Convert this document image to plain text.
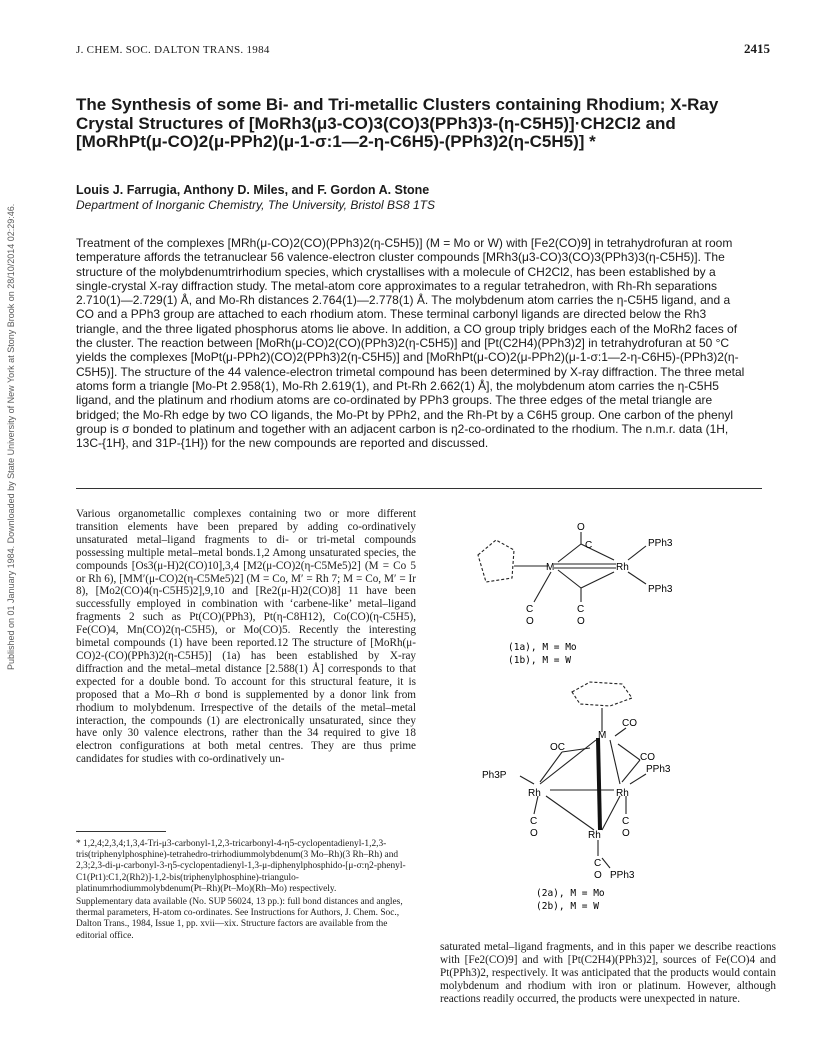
Published on 01 January 1984. Downloaded by State University of New York at Stony Brook on 28/10/2014 02:29:46.
J. CHEM. SOC. DALTON TRANS. 1984	2415
The Synthesis of some Bi- and Tri-metallic Clusters containing Rhodium; X-Ray Crystal Structures of [MoRh3(μ3-CO)3(CO)3(PPh3)3-(η-C5H5)]·CH2Cl2 and [MoRhPt(μ-CO)2(μ-PPh2)(μ-1-σ:1—2-η-C6H5)-(PPh3)2(η-C5H5)] *
Louis J. Farrugia, Anthony D. Miles, and F. Gordon A. Stone
Department of Inorganic Chemistry, The University, Bristol BS8 1TS
Treatment of the complexes [MRh(μ-CO)2(CO)(PPh3)2(η-C5H5)] (M = Mo or W) with [Fe2(CO)9] in tetrahydrofuran at room temperature affords the tetranuclear 56 valence-electron cluster compounds [MRh3(μ3-CO)3(CO)3(PPh3)3(η-C5H5)]. The structure of the molybdenumtrirhodium species, which crystallises with a molecule of CH2Cl2, has been established by a single-crystal X-ray diffraction study. The metal-atom core approximates to a regular tetrahedron, with Rh-Rh separations 2.710(1)—2.729(1) Å, and Mo-Rh distances 2.764(1)—2.778(1) Å. The molybdenum atom carries the η-C5H5 ligand, and a CO and a PPh3 group are attached to each rhodium atom. These terminal carbonyl ligands are directed below the Rh3 triangle, and the three ligated phosphorus atoms lie above. In addition, a CO group triply bridges each of the MoRh2 faces of the cluster. The reaction between [MoRh(μ-CO)2(CO)(PPh3)2(η-C5H5)] and [Pt(C2H4)(PPh3)2] in tetrahydrofuran at 50 °C yields the complexes [MoPt(μ-PPh2)(CO)2(PPh3)2(η-C5H5)] and [MoRhPt(μ-CO)2(μ-PPh2)(μ-1-σ:1—2-η-C6H5)-(PPh3)2(η-C5H5)]. The structure of the 44 valence-electron trimetal compound has been determined by X-ray diffraction. The three metal atoms form a triangle [Mo-Pt 2.958(1), Mo-Rh 2.619(1), and Pt-Rh 2.662(1) Å], the molybdenum atom carries the η-C5H5 ligand, and the platinum and rhodium atoms are co-ordinated by PPh3 groups. The three edges of the metal triangle are bridged; the Mo-Rh edge by two CO ligands, the Mo-Pt by PPh2, and the Rh-Pt by a C6H5 group. One carbon of the phenyl group is σ bonded to platinum and together with an adjacent carbon is η2-co-ordinated to the rhodium. The n.m.r. data (1H, 13C-{1H}, and 31P-{1H}) for the new compounds are reported and discussed.

Various organometallic complexes containing two or more different transition elements have been prepared by adding co-ordinatively unsaturated metal–ligand fragments to di- or tri-metal compounds possessing multiple metal–metal bonds.1,2 Among unsaturated species, the compounds [Os3(μ-H)2(CO)10],3,4 [M2(μ-CO)2(η-C5Me5)2] (M = Co 5 or Rh 6), [MM′(μ-CO)2(η-C5Me5)2] (M = Co, M′ = Rh 7; M = Co, M′ = Ir 8), [Mo2(CO)4(η-C5H5)2],9,10 and [Re2(μ-H)2(CO)8] 11 have been successfully employed in combination with ‘carbene-like’ metal–ligand fragments 2 such as Pt(CO)(PPh3), Pt(η-C8H12), Co(CO)(η-C5H5), Fe(CO)4, Mn(CO)2(η-C5H5), or Mo(CO)5. Recently the interesting bimetal compounds (1) have been reported.12 The structure of [MoRh(μ-CO)2-(CO)(PPh3)2(η-C5H5)] (1a) has been established by X-ray diffraction and the metal–metal distance [2.588(1) Å] corresponds to that expected for a double bond. To account for this structural feature, it is proposed that a Mo–Rh σ bond is supplemented by a donor link from rhodium to molybdenum. Irrespective of the details of the metal–metal interaction, the compounds (1) are electronically unsaturated, since they have only 30 valence electrons, rather than the 34 required to give 18 electron configurations at both metal centres. They are thus prime candidates for studies with co-ordinatively un-

* 1,2,4;2,3,4;1,3,4-Tri-μ3-carbonyl-1,2,3-tricarbonyl-4-η5-cyclopentadienyl-1,2,3-tris(triphenylphosphine)-tetrahedro-trirhodiummolybdenum(3 Mo–Rh)(3 Rh–Rh) and 2,3;2,3-di-μ-carbonyl-3-η5-cyclopentadienyl-1,3-μ-diphenylphosphido-[μ-σ:η2-phenyl-C1(Pt1):C1,2(Rh2)]-1,2-bis(triphenylphosphine)-triangulo-platinumrhodiummolybdenum(Pt–Rh)(Pt–Mo)(Rh–Mo) respectively.

Supplementary data available (No. SUP 56024, 13 pp.): full bond distances and angles, thermal parameters, H-atom co-ordinates. See Instructions for Authors, J. Chem. Soc., Dalton Trans., 1984, Issue 1, pp. xvii—xix. Structure factors are available from the editorial office.

O
C	PPh3
PPh3
M	Rh
C
O
C
O
(1a), M = Mo
(1b), M = W
M
OC
CO
CO
Ph3P
PPh3
Rh	Rh
Rh
C
O
C
O
C
O PPh3
(2a), M = Mo
(2b), M = W

saturated metal–ligand fragments, and in this paper we describe reactions with [Fe2(CO)9] and with [Pt(C2H4)(PPh3)2], sources of Fe(CO)4 and Pt(PPh3)2, respectively. It was anticipated that the products would contain molybdenum and rhodium with iron or platinum. However, although reactions readily occurred, the products were unexpected in nature.
